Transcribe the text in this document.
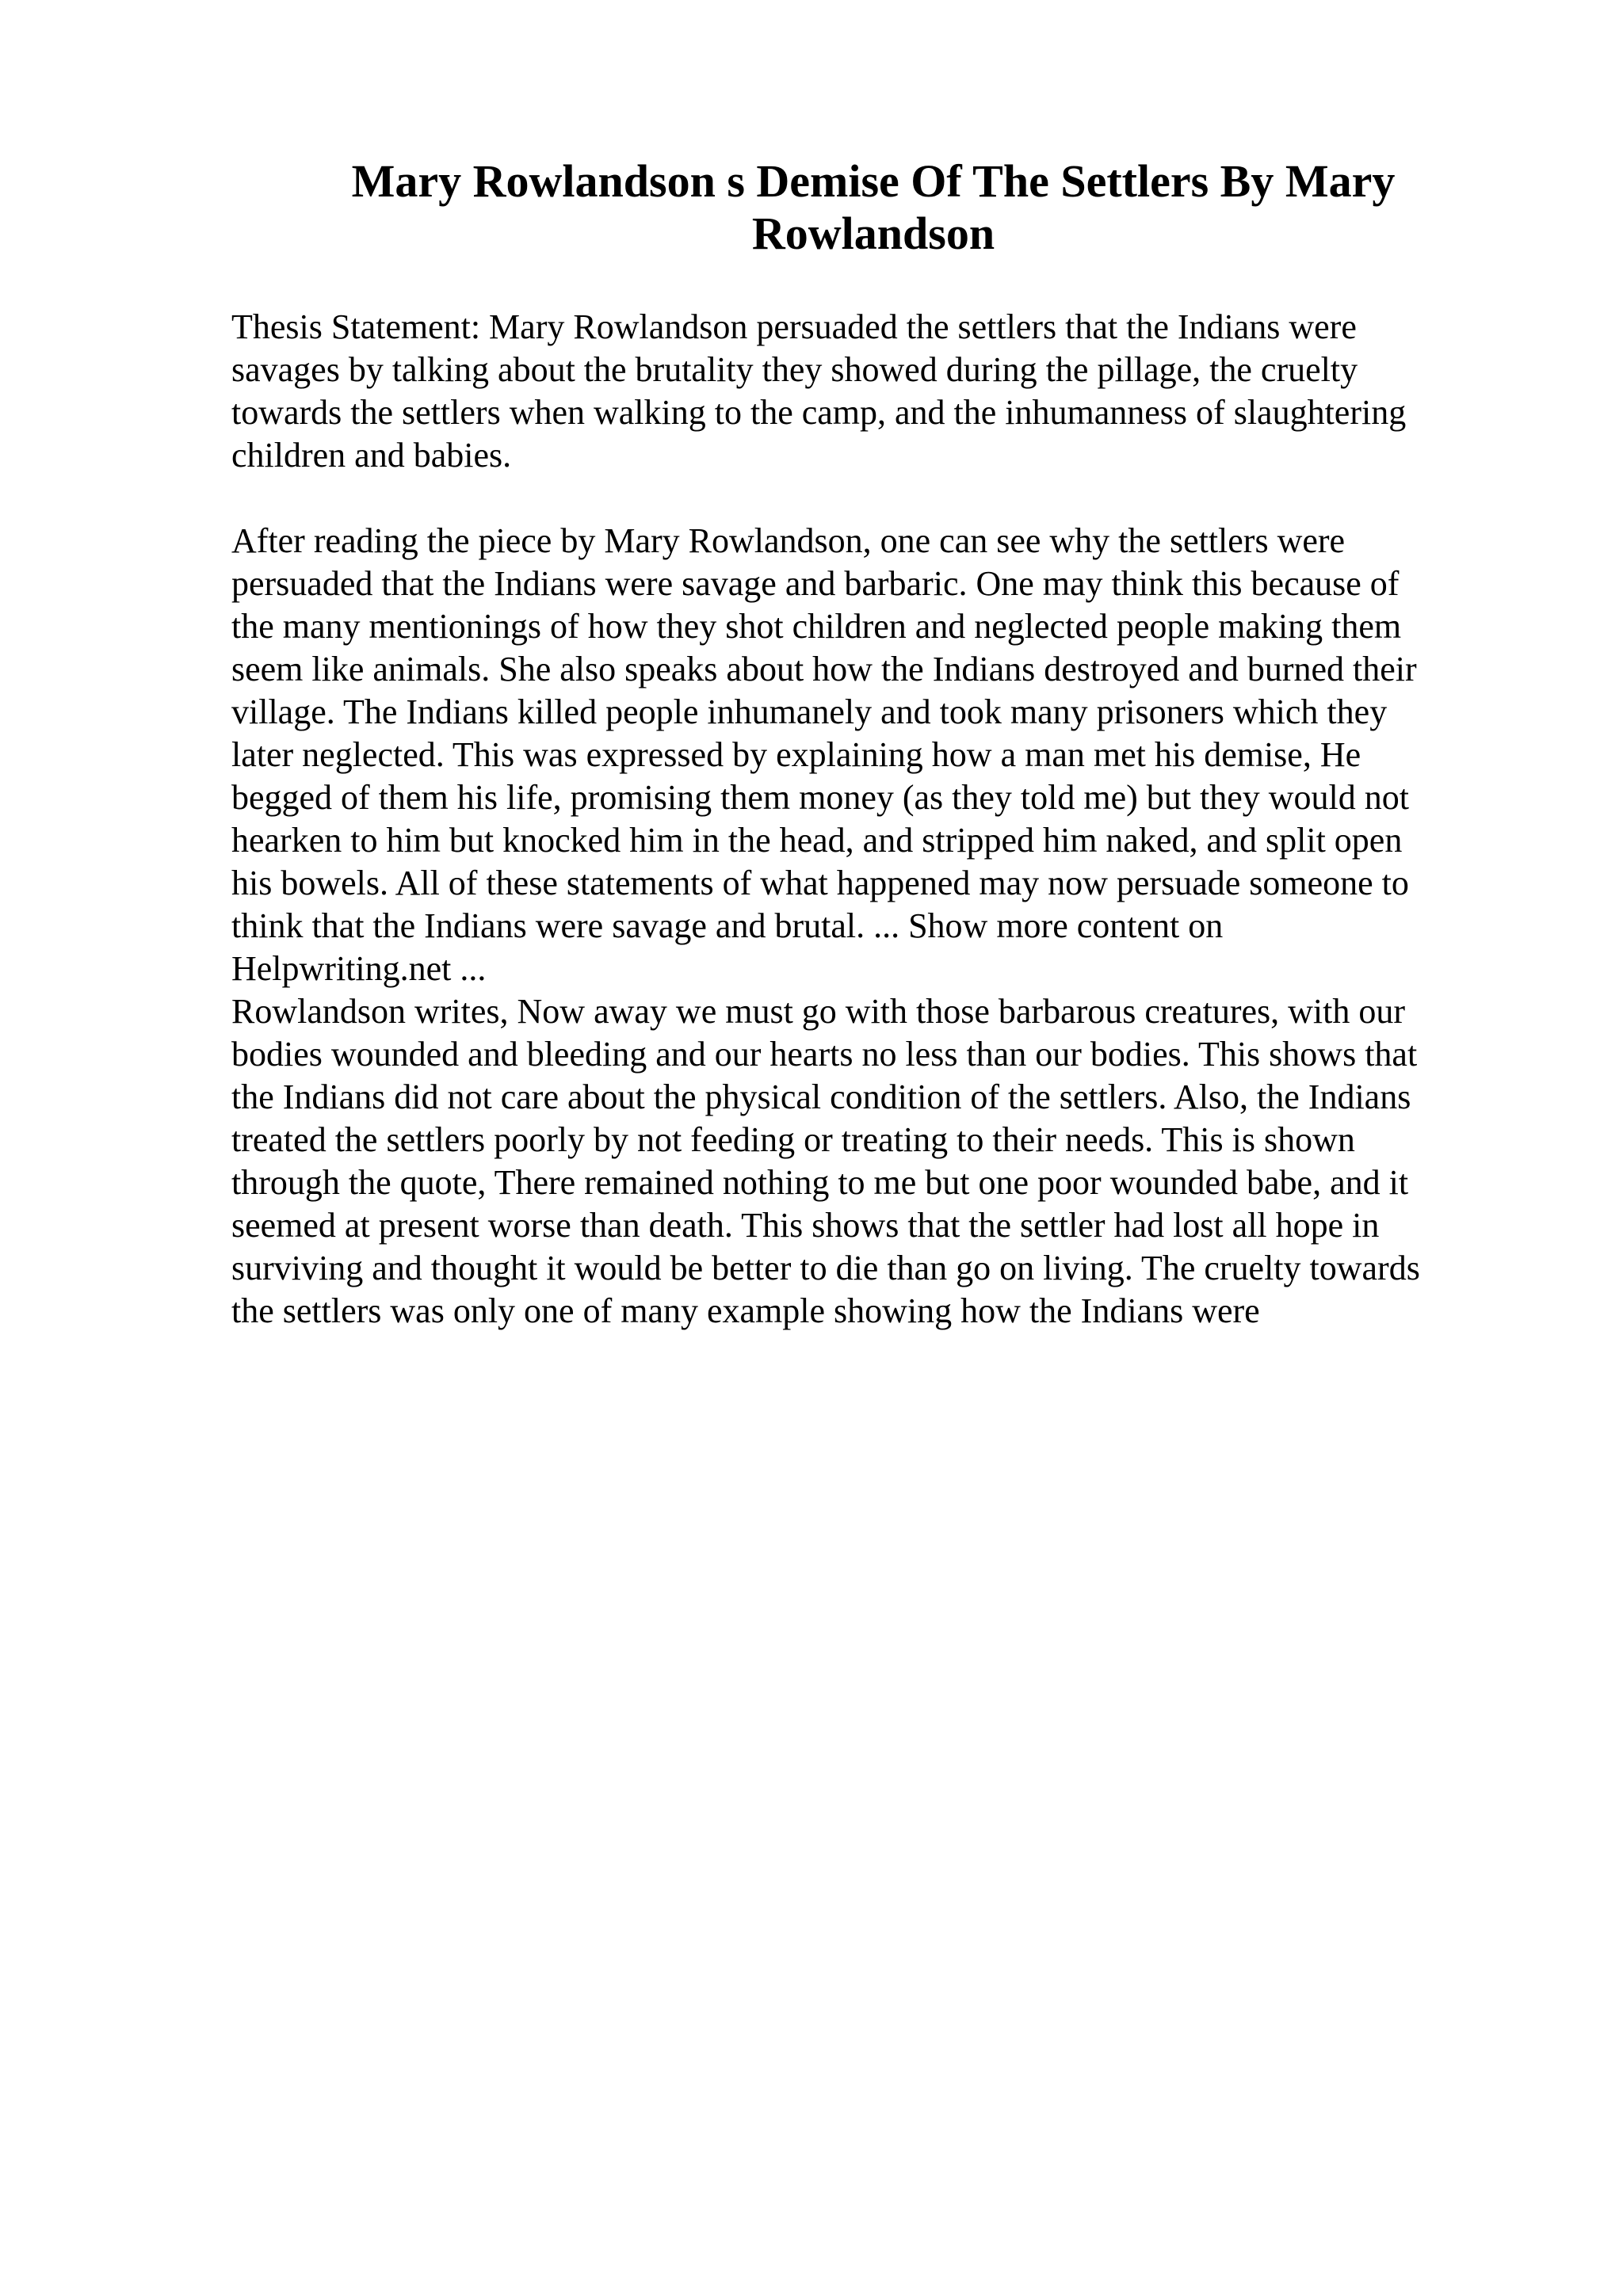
Mary Rowlandson s Demise Of The Settlers By Mary Rowlandson

Thesis Statement: Mary Rowlandson persuaded the settlers that the Indians were
savages by talking about the brutality they showed during the pillage, the cruelty
towards the settlers when walking to the camp, and the inhumanness of slaughtering
children and babies.

After reading the piece by Mary Rowlandson, one can see why the settlers were
persuaded that the Indians were savage and barbaric. One may think this because of
the many mentionings of how they shot children and neglected people making them
seem like animals. She also speaks about how the Indians destroyed and burned their
village. The Indians killed people inhumanely and took many prisoners which they
later neglected. This was expressed by explaining how a man met his demise, He
begged of them his life, promising them money (as they told me) but they would not
hearken to him but knocked him in the head, and stripped him naked, and split open
his bowels. All of these statements of what happened may now persuade someone to
think that the Indians were savage and brutal. ... Show more content on
Helpwriting.net ...

Rowlandson writes, Now away we must go with those barbarous creatures, with our
bodies wounded and bleeding and our hearts no less than our bodies. This shows that
the Indians did not care about the physical condition of the settlers. Also, the Indians
treated the settlers poorly by not feeding or treating to their needs. This is shown
through the quote, There remained nothing to me but one poor wounded babe, and it
seemed at present worse than death. This shows that the settler had lost all hope in
surviving and thought it would be better to die than go on living. The cruelty towards
the settlers was only one of many example showing how the Indians were
